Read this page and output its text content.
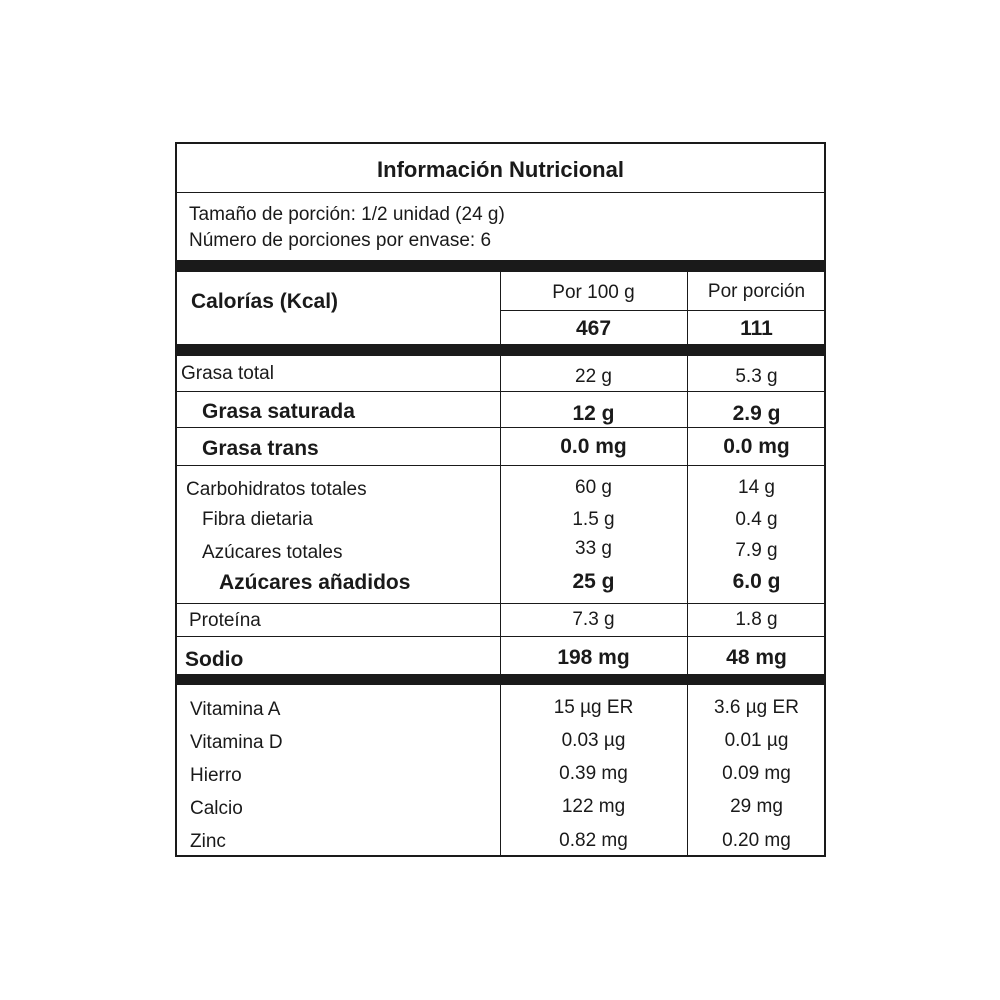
Información Nutricional
Tamaño de porción: 1/2 unidad (24 g)
Número de porciones por envase: 6
Calorías (Kcal)	Por 100 g	Por porción
467	111
Grasa total	22 g	5.3 g
Grasa saturada	12 g	2.9 g
Grasa trans	0.0 mg	0.0 mg
Carbohidratos totales	60 g	14 g
Fibra dietaria	1.5 g	0.4 g
Azúcares totales	33 g	7.9 g
Azúcares añadidos	25 g	6.0 g
Proteína	7.3 g	1.8 g
Sodio	198 mg	48 mg
Vitamina A	15 µg ER	3.6 µg ER
Vitamina D	0.03 µg	0.01 µg
Hierro	0.39 mg	0.09 mg
Calcio	122 mg	29 mg
Zinc	0.82 mg	0.20 mg
